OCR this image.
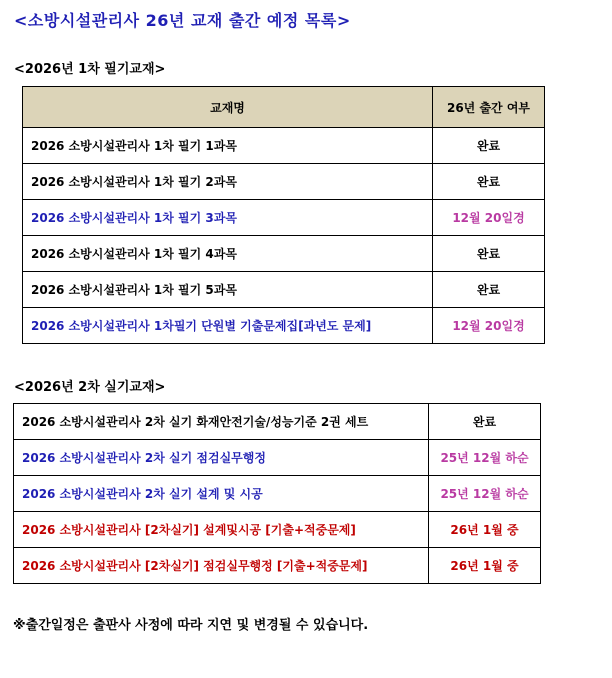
<소방시설관리사 26년 교재 출간 예정 목록>
<2026년 1차 필기교재>
교재명	26년 출간 여부
2026 소방시설관리사 1차 필기 1과목	완료
2026 소방시설관리사 1차 필기 2과목	완료
2026 소방시설관리사 1차 필기 3과목	12월 20일경
2026 소방시설관리사 1차 필기 4과목	완료
2026 소방시설관리사 1차 필기 5과목	완료
2026 소방시설관리사 1차필기 단원별 기출문제집[과년도 문제]	12월 20일경
<2026년 2차 실기교재>
2026 소방시설관리사 2차 실기 화재안전기술/성능기준 2권 세트	완료
2026 소방시설관리사 2차 실기 점검실무행정	25년 12월 하순
2026 소방시설관리사 2차 실기 설계 및 시공	25년 12월 하순
2026 소방시설관리사 [2차실기] 설계및시공 [기출+적중문제]	26년 1월 중
2026 소방시설관리사 [2차실기] 점검실무행정 [기출+적중문제]	26년 1월 중
※출간일정은 출판사 사정에 따라 지연 및 변경될 수 있습니다.
